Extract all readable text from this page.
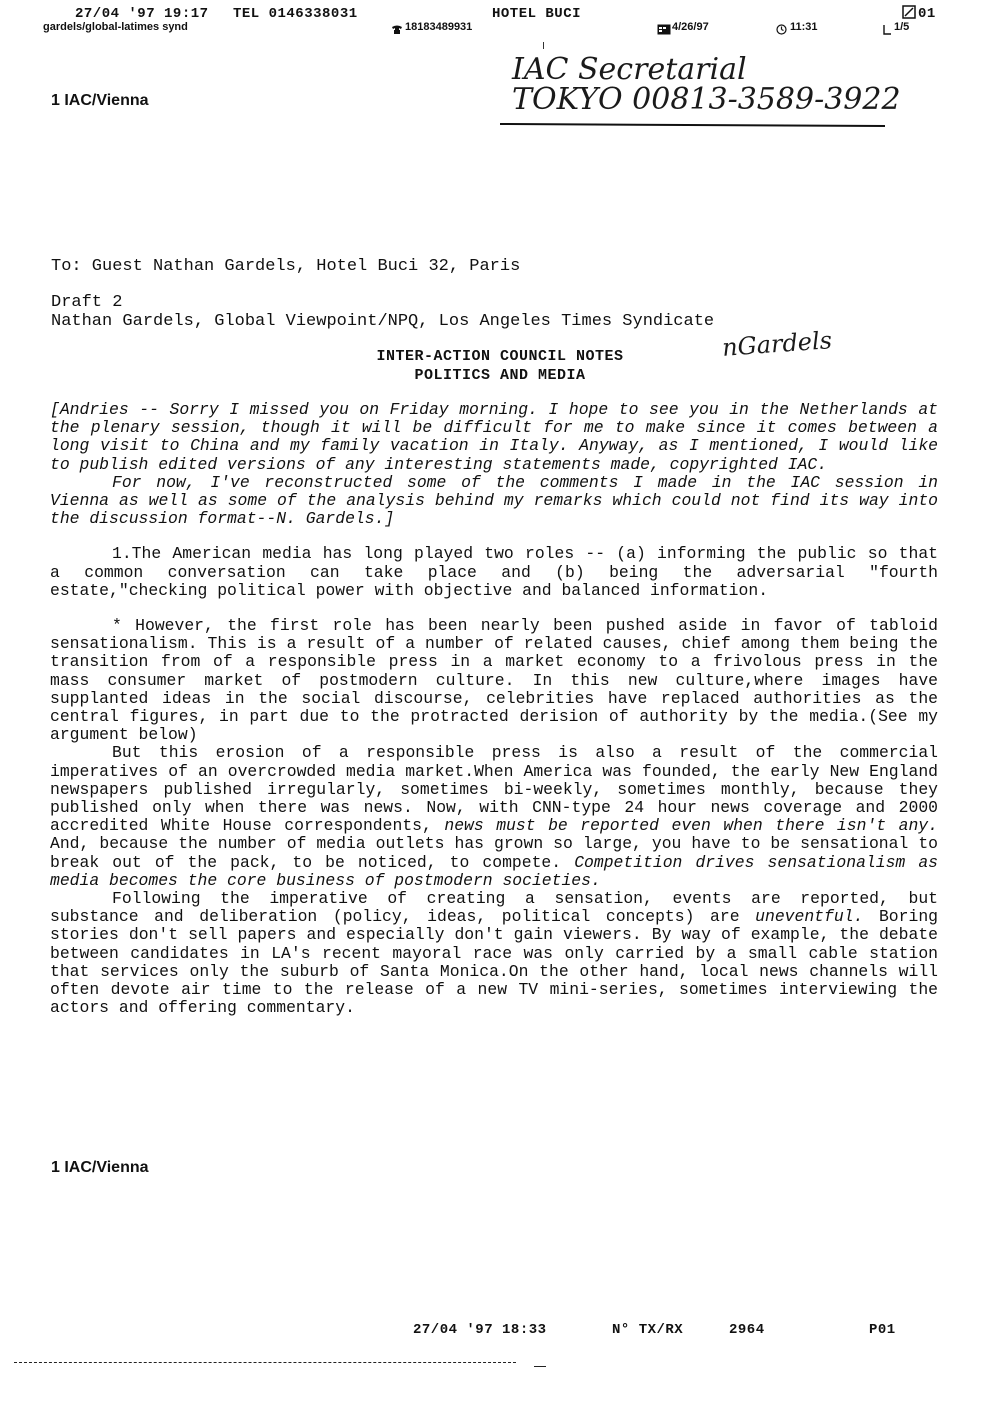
27/04 '97 19:17 TEL 0146338031	HOTEL BUCI	01
gardels/global-latimes synd	18183489931	4/26/97	11:31	1/5
IAC Secretarial
TOKYO 00813-3589-3922
1 IAC/Vienna
To: Guest Nathan Gardels, Hotel Buci 32, Paris
Draft 2
Nathan Gardels, Global Viewpoint/NPQ, Los Angeles Times Syndicate
nGardels
INTER-ACTION COUNCIL NOTES
POLITICS AND MEDIA

[Andries -- Sorry I missed you on Friday morning. I hope to see you in the Netherlands at the plenary session, though it will be difficult for me to make since it comes between a long visit to China and my family vacation in Italy. Anyway, as I mentioned, I would like to publish edited versions of any interesting statements made, copyrighted IAC.

For now, I've reconstructed some of the comments I made in the IAC session in Vienna as well as some of the analysis behind my remarks which could not find its way into the discussion format--N. Gardels.]

1.The American media has long played two roles -- (a) informing the public so that a common conversation can take place and (b) being the adversarial "fourth estate,"checking political power with objective and balanced information.

* However, the first role has been nearly been pushed aside in favor of tabloid sensationalism. This is a result of a number of related causes, chief among them being the transition from of a responsible press in a market economy to a frivolous press in the mass consumer market of postmodern culture. In this new culture,where images have supplanted ideas in the social discourse, celebrities have replaced authorities as the central figures, in part due to the protracted derision of authority by the media.(See my argument below)

But this erosion of a responsible press is also a result of the commercial imperatives of an overcrowded media market.When America was founded, the early New England newspapers published irregularly, sometimes bi-weekly, sometimes monthly, because they published only when there was news. Now, with CNN-type 24 hour news coverage and 2000 accredited White House correspondents, news must be reported even when there isn't any. And, because the number of media outlets has grown so large, you have to be sensational to break out of the pack, to be noticed, to compete. Competition drives sensationalism as media becomes the core business of postmodern societies.

Following the imperative of creating a sensation, events are reported, but substance and deliberation (policy, ideas, political concepts) are uneventful. Boring stories don't sell papers and especially don't gain viewers. By way of example, the debate between candidates in LA's recent mayoral race was only carried by a small cable station that services only the suburb of Santa Monica.On the other hand, local news channels will often devote air time to the release of a new TV mini-series, sometimes interviewing the actors and offering commentary.

1 IAC/Vienna
27/04 '97 18:33	N° TX/RX	2964	P01
